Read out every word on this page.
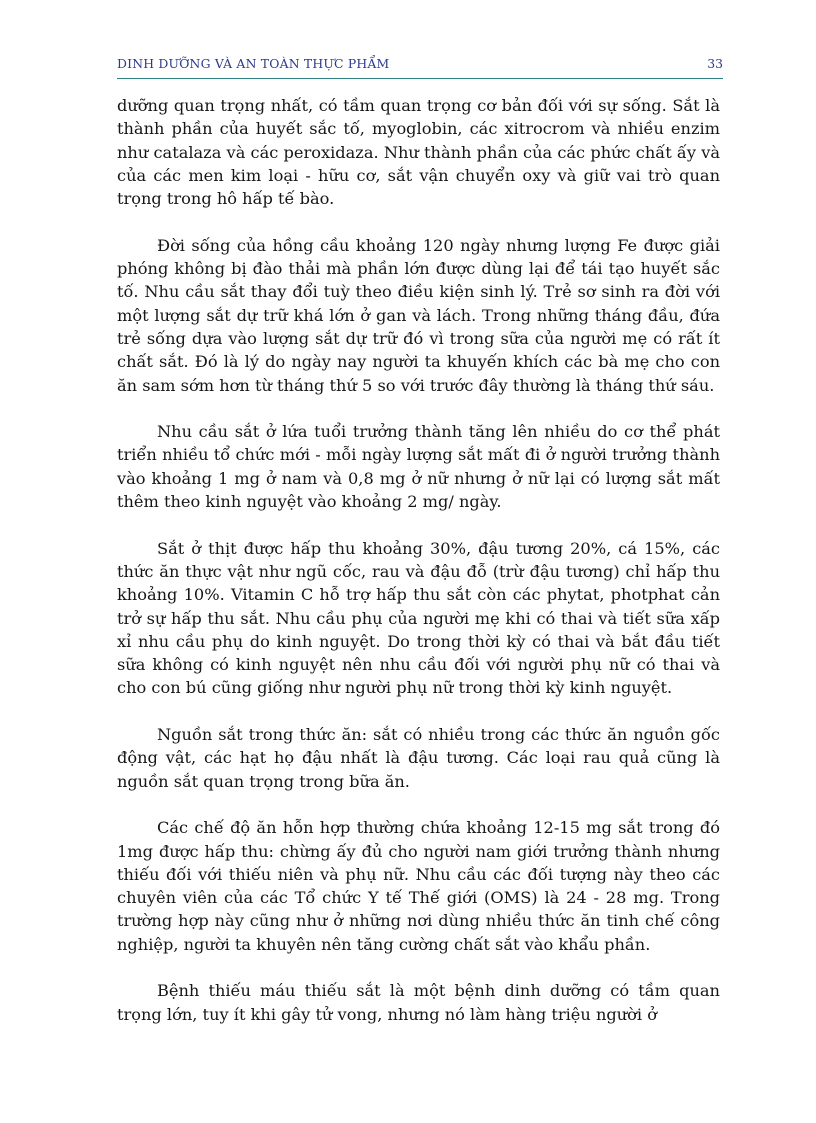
DINH DƯỠNG VÀ AN TOÀN THỰC PHẨM	33

dưỡng quan trọng nhất, có tầm quan trọng cơ bản đối với sự sống. Sắt là thành phần của huyết sắc tố, myoglobin, các xitrocrom và nhiều enzim như catalaza và các peroxidaza. Như thành phần của các phức chất ấy và của các men kim loại - hữu cơ, sắt vận chuyển oxy và giữ vai trò quan trọng trong hô hấp tế bào.

Đời sống của hồng cầu khoảng 120 ngày nhưng lượng Fe được giải phóng không bị đào thải mà phần lớn được dùng lại để tái tạo huyết sắc tố. Nhu cầu sắt thay đổi tuỳ theo điều kiện sinh lý. Trẻ sơ sinh ra đời với một lượng sắt dự trữ khá lớn ở gan và lách. Trong những tháng đầu, đứa trẻ sống dựa vào lượng sắt dự trữ đó vì trong sữa của người mẹ có rất ít chất sắt. Đó là lý do ngày nay người ta khuyến khích các bà mẹ cho con ăn sam sớm hơn từ tháng thứ 5 so với trước đây thường là tháng thứ sáu.

Nhu cầu sắt ở lứa tuổi trưởng thành tăng lên nhiều do cơ thể phát triển nhiều tổ chức mới - mỗi ngày lượng sắt mất đi ở người trưởng thành vào khoảng 1 mg ở nam và 0,8 mg ở nữ nhưng ở nữ lại có lượng sắt mất thêm theo kinh nguyệt vào khoảng 2 mg/ ngày.

Sắt ở thịt được hấp thu khoảng 30%, đậu tương 20%, cá 15%, các thức ăn thực vật như ngũ cốc, rau và đậu đỗ (trừ đậu tương) chỉ hấp thu khoảng 10%. Vitamin C hỗ trợ hấp thu sắt còn các phytat, photphat cản trở sự hấp thu sắt. Nhu cầu phụ của người mẹ khi có thai và tiết sữa xấp xỉ nhu cầu phụ do kinh nguyệt. Do trong thời kỳ có thai và bắt đầu tiết sữa không có kinh nguyệt nên nhu cầu đối với người phụ nữ có thai và cho con bú cũng giống như người phụ nữ trong thời kỳ kinh nguyệt.

Nguồn sắt trong thức ăn: sắt có nhiều trong các thức ăn nguồn gốc động vật, các hạt họ đậu nhất là đậu tương. Các loại rau quả cũng là nguồn sắt quan trọng trong bữa ăn.

Các chế độ ăn hỗn hợp thường chứa khoảng 12-15 mg sắt trong đó 1mg được hấp thu: chừng ấy đủ cho người nam giới trưởng thành nhưng thiếu đối với thiếu niên và phụ nữ. Nhu cầu các đối tượng này theo các chuyên viên của các Tổ chức Y tế Thế giới (OMS) là 24 - 28 mg. Trong trường hợp này cũng như ở những nơi dùng nhiều thức ăn tinh chế công nghiệp, người ta khuyên nên tăng cường chất sắt vào khẩu phần.

Bệnh thiếu máu thiếu sắt là một bệnh dinh dưỡng có tầm quan trọng lớn, tuy ít khi gây tử vong, nhưng nó làm hàng triệu người ở
